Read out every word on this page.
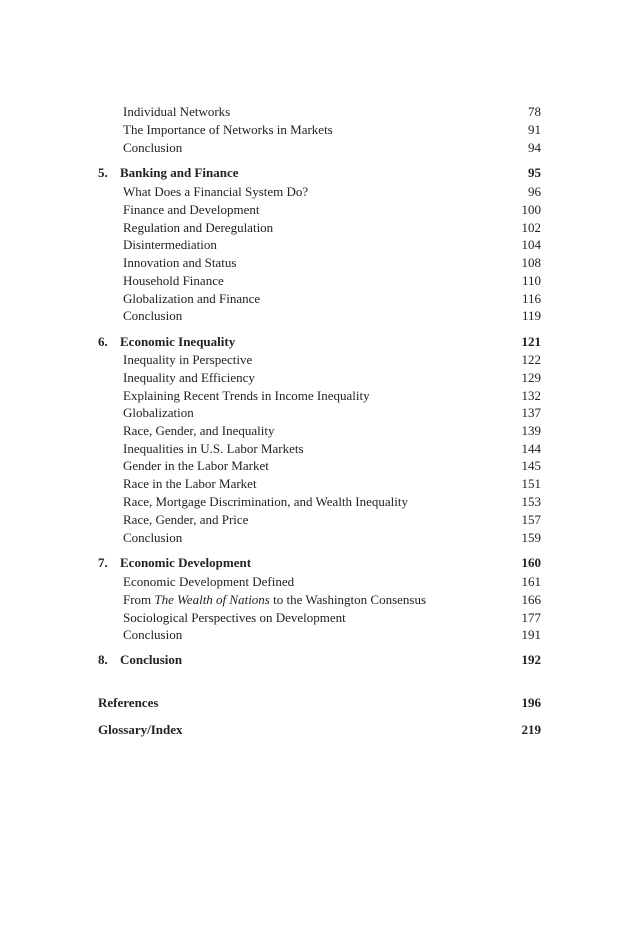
Individual Networks	78
The Importance of Networks in Markets	91
Conclusion	94
5. Banking and Finance	95
What Does a Financial System Do?	96
Finance and Development	100
Regulation and Deregulation	102
Disintermediation	104
Innovation and Status	108
Household Finance	110
Globalization and Finance	116
Conclusion	119
6. Economic Inequality	121
Inequality in Perspective	122
Inequality and Efficiency	129
Explaining Recent Trends in Income Inequality	132
Globalization	137
Race, Gender, and Inequality	139
Inequalities in U.S. Labor Markets	144
Gender in the Labor Market	145
Race in the Labor Market	151
Race, Mortgage Discrimination, and Wealth Inequality	153
Race, Gender, and Price	157
Conclusion	159
7. Economic Development	160
Economic Development Defined	161
From The Wealth of Nations to the Washington Consensus	166
Sociological Perspectives on Development	177
Conclusion	191
8. Conclusion	192
References	196
Glossary/Index	219
